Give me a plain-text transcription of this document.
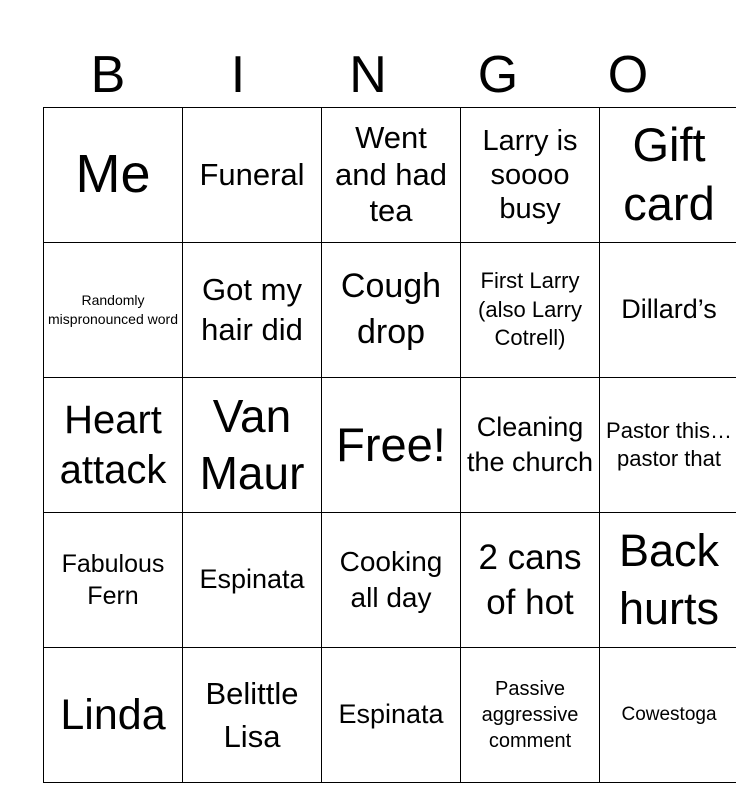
B	I	N	G	O
Me	Funeral	Went and had tea	Larry is soooo busy	Gift card
Randomly mispronounced word	Got my hair did	Cough drop	First Larry (also Larry Cotrell)	Dillard’s
Heart attack	Van Maur	Free!	Cleaning the church	Pastor this… pastor that
Fabulous Fern	Espinata	Cooking all day	2 cans of hot	Back hurts
Linda	Belittle Lisa	Espinata	Passive aggressive comment	Cowestoga
